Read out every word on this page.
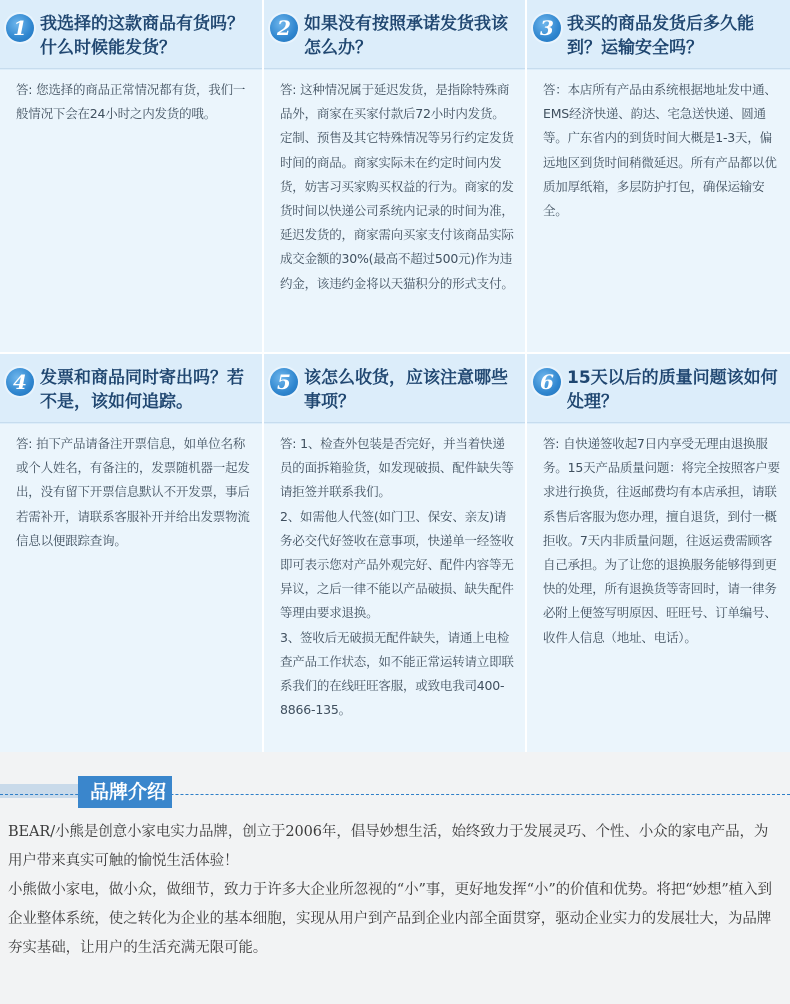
1 我选择的这款商品有货吗？什么时候能发货？

答: 您选择的商品正常情况都有货，我们一般情况下会在24小时之内发货的哦。

2 如果没有按照承诺发货我该怎么办？

答: 这种情况属于延迟发货，是指除特殊商品外，商家在买家付款后72小时内发货。定制、预售及其它特殊情况等另行约定发货时间的商品。商家实际未在约定时间内发货，妨害习买家购买权益的行为。商家的发货时间以快递公司系统内记录的时间为准，延迟发货的，商家需向买家支付该商品实际成交金额的30%(最高不超过500元)作为违约金，该违约金将以天猫积分的形式支付。

3 我买的商品发货后多久能到？运输安全吗？

答：本店所有产品由系统根据地址发中通、EMS经济快递、韵达、宅急送快递、圆通等。广东省内的到货时间大概是1-3天，偏远地区到货时间稍微延迟。所有产品都以优质加厚纸箱，多层防护打包，确保运输安全。

4 发票和商品同时寄出吗？若不是，该如何追踪。

答: 拍下产品请备注开票信息，如单位名称或个人姓名，有备注的，发票随机器一起发出，没有留下开票信息默认不开发票，事后若需补开，请联系客服补开并给出发票物流信息以便跟踪查询。

5 该怎么收货，应该注意哪些事项？

答: 1、检查外包装是否完好，并当着快递员的面拆箱验货，如发现破损、配件缺失等请拒签并联系我们。

2、如需他人代签(如门卫、保安、亲友)请务必交代好签收在意事项，快递单一经签收即可表示您对产品外观完好、配件内容等无异议，之后一律不能以产品破损、缺失配件等理由要求退换。

3、签收后无破损无配件缺失，请通上电检查产品工作状态，如不能正常运转请立即联系我们的在线旺旺客服，或致电我司400-8866-135。

6 15天以后的质量问题该如何处理？

答: 自快递签收起7日内享受无理由退换服务。15天产品质量问题：将完全按照客户要求进行换货，往返邮费均有本店承担，请联系售后客服为您办理，擅自退货，到付一概拒收。7天内非质量问题，往返运费需顾客自己承担。为了让您的退换服务能够得到更快的处理，所有退换货等寄回时，请一律务必附上便签写明原因、旺旺号、订单编号、收件人信息（地址、电话）。

品牌介绍

BEAR/小熊是创意小家电实力品牌，创立于2006年，倡导妙想生活，始终致力于发展灵巧、个性、小众的家电产品，为用户带来真实可触的愉悦生活体验！

小熊做小家电，做小众，做细节，致力于许多大企业所忽视的“小”事，更好地发挥“小”的价值和优势。将把“妙想”植入到企业整体系统，使之转化为企业的基本细胞，实现从用户到产品到企业内部全面贯穿，驱动企业实力的发展壮大，为品牌夯实基础，让用户的生活充满无限可能。
